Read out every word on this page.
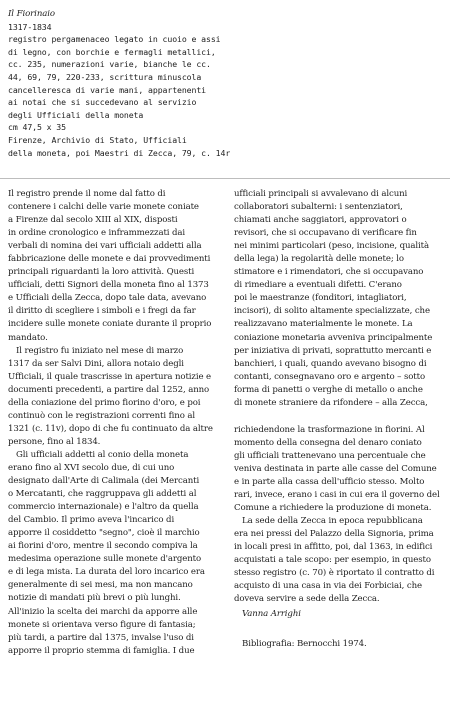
Il Fiorinaio
1317-1834
registro pergamenaceo legato in cuoio e assi
di legno, con borchie e fermagli metallici,
cc. 235, numerazioni varie, bianche le cc.
44, 69, 79, 220-233, scrittura minuscola
cancelleresca di varie mani, appartenenti
ai notai che si succedevano al servizio
degli Ufficiali della moneta
cm 47,5 x 35
Firenze, Archivio di Stato, Ufficiali
della moneta, poi Maestri di Zecca, 79, c. 14r
Il registro prende il nome dal fatto di
contenere i calchi delle varie monete coniate
a Firenze dal secolo XIII al XIX, disposti
in ordine cronologico e inframmezzati dai
verbali di nomina dei vari ufficiali addetti alla
fabbricazione delle monete e dai provvedimenti
principali riguardanti la loro attività. Questi
ufficiali, detti Signori della moneta fino al 1373
e Ufficiali della Zecca, dopo tale data, avevano
il diritto di scegliere i simboli e i fregi da far
incidere sulle monete coniate durante il proprio
mandato.
Il registro fu iniziato nel mese di marzo
1317 da ser Salvi Dini, allora notaio degli
Ufficiali, il quale trascrisse in apertura notizie e
documenti precedenti, a partire dal 1252, anno
della coniazione del primo fiorino d'oro, e poi
continuò con le registrazioni correnti fino al
1321 (c. 11v), dopo di che fu continuato da altre
persone, fino al 1834.
Gli ufficiali addetti al conio della moneta
erano fino al XVI secolo due, di cui uno
designato dall'Arte di Calimala (dei Mercanti
o Mercatanti, che raggruppava gli addetti al
commercio internazionale) e l'altro da quella
del Cambio. Il primo aveva l'incarico di
apporre il cosiddetto "segno", cioè il marchio
ai fiorini d'oro, mentre il secondo compiva la
medesima operazione sulle monete d'argento
e di lega mista. La durata del loro incarico era
generalmente di sei mesi, ma non mancano
notizie di mandati più brevi o più lunghi.
All'inizio la scelta dei marchi da apporre alle
monete si orientava verso figure di fantasia;
più tardi, a partire dal 1375, invalse l'uso di
apporre il proprio stemma di famiglia. I due
ufficiali principali si avvalevano di alcuni
collaboratori subalterni: i sentenziatori,
chiamati anche saggiatori, approvatori o
revisori, che si occupavano di verificare fin
nei minimi particolari (peso, incisione, qualità
della lega) la regolarità delle monete; lo
stimatore e i rimendatori, che si occupavano
di rimediare a eventuali difetti. C'erano
poi le maestranze (fonditori, intagliatori,
incisori), di solito altamente specializzate, che
realizzavano materialmente le monete. La
coniazione monetaria avveniva principalmente
per iniziativa di privati, soprattutto mercanti e
banchieri, i quali, quando avevano bisogno di
contanti, consegnavano oro e argento – sotto
forma di panetti o verghe di metallo o anche
di monete straniere da rifondere – alla Zecca,
richiedendone la trasformazione in fiorini. Al
momento della consegna del denaro coniato
gli ufficiali trattenevano una percentuale che
veniva destinata in parte alle casse del Comune
e in parte alla cassa dell'ufficio stesso. Molto
rari, invece, erano i casi in cui era il governo del
Comune a richiedere la produzione di moneta.
La sede della Zecca in epoca repubblicana
era nei pressi del Palazzo della Signoria, prima
in locali presi in affitto, poi, dal 1363, in edifici
acquistati a tale scopo: per esempio, in questo
stesso registro (c. 70) è riportato il contratto di
acquisto di una casa in via dei Forbiciai, che
doveva servire a sede della Zecca.
Vanna Arrighi
Bibliografia: Bernocchi 1974.
